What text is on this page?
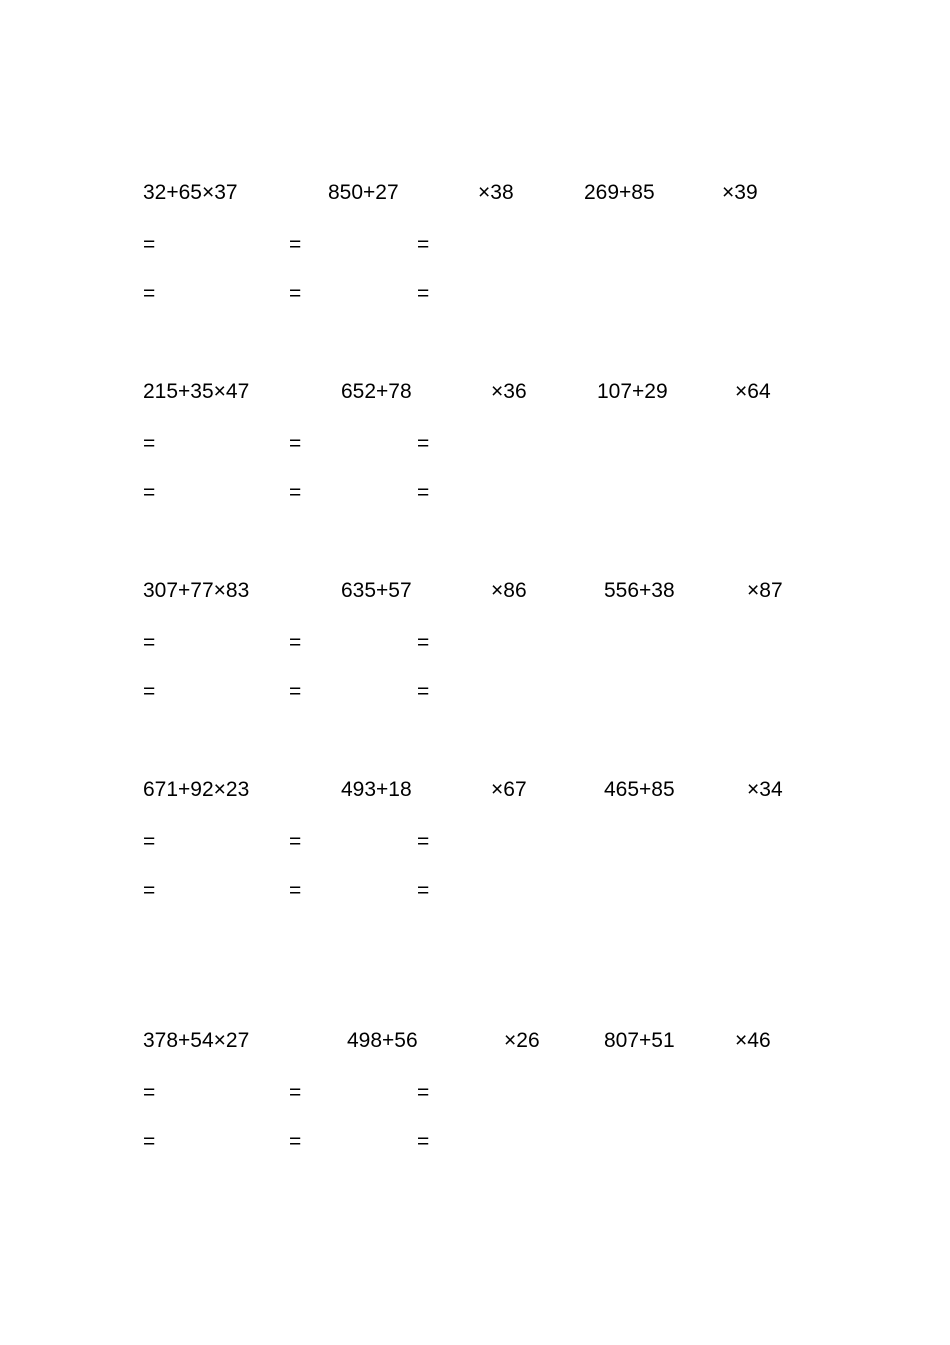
32+65×37	850+27	×38	269+85	×39
=	=	=
=	=	=
215+35×47	652+78	×36	107+29	×64
=	=	=
=	=	=
307+77×83	635+57	×86	556+38	×87
=	=	=
=	=	=
671+92×23	493+18	×67	465+85	×34
=	=	=
=	=	=
378+54×27	498+56	×26	807+51	×46
=	=	=
=	=	=
